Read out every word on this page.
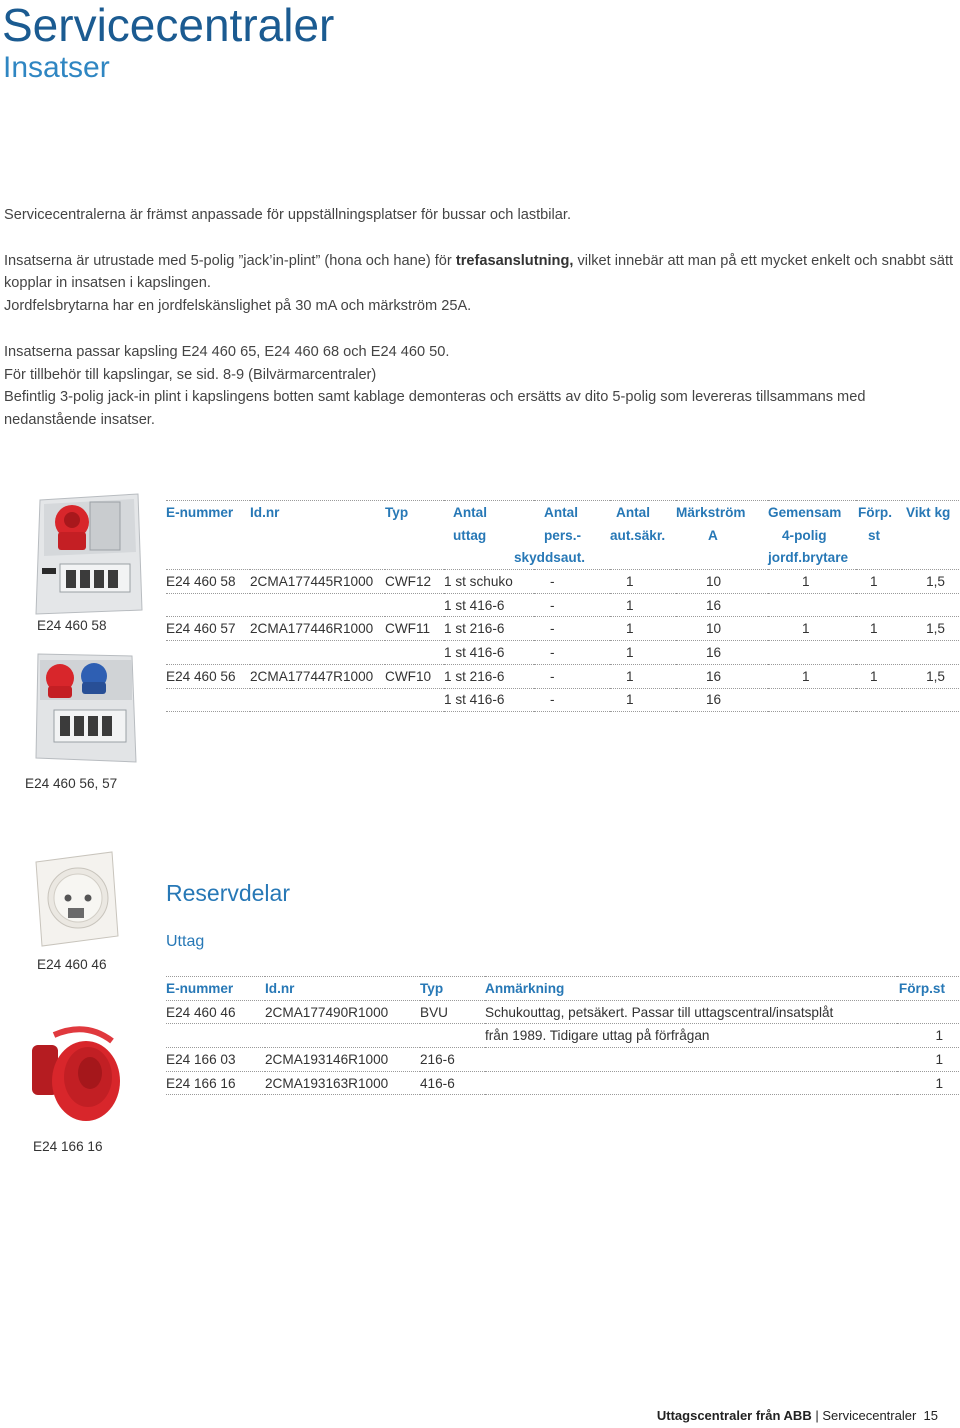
Servicecentraler
Insatser

Servicecentralerna är främst anpassade för uppställningsplatser för bussar och lastbilar.

Insatserna är utrustade med 5-polig ”jack’in-plint” (hona och hane) för trefasanslutning, vilket innebär att man på ett mycket enkelt och snabbt sätt kopplar in insatsen i kapslingen.
Jordfelsbrytarna har en jordfelskänslighet på 30 mA och märkström 25A.

Insatserna passar kapsling E24 460 65, E24 460 68 och E24 460 50.
För tillbehör till kapslingar, se sid. 8-9 (Bilvärmarcentraler)
Befintlig 3-polig jack-in plint i kapslingens botten samt kablage demonteras och ersätts av dito 5-polig som levereras tillsammans med nedanstående insatser.

E24 460 58
E24 460 56, 57
E-nummer	Id.nr	Typ	Antal	Antal	Antal	Märkström	Gemensam	Förp.	Vikt kg
			uttag	pers.-	aut.säkr.	A	4-polig	st	
				skyddsaut.			jordf.brytare		
E24 460 58	2CMA177445R1000	CWF12	1 st schuko	-	1	10	1	1	1,5
			1 st 416-6	-	1	16			
E24 460 57	2CMA177446R1000	CWF11	1 st 216-6	-	1	10	1	1	1,5
			1 st 416-6	-	1	16			
E24 460 56	2CMA177447R1000	CWF10	1 st 216-6	-	1	16	1	1	1,5
			1 st 416-6	-	1	16			
E24 460 46
E24 166 16
Reservdelar
Uttag
E-nummer	Id.nr	Typ	Anmärkning	Förp.st
E24 460 46	2CMA177490R1000	BVU	Schukouttag, petsäkert. Passar till uttagscentral/insatsplåt	
			från 1989. Tidigare uttag på förfrågan	1
E24 166 03	2CMA193146R1000	216-6		1
E24 166 16	2CMA193163R1000	416-6		1
Uttagscentraler från ABB | Servicecentraler 15
